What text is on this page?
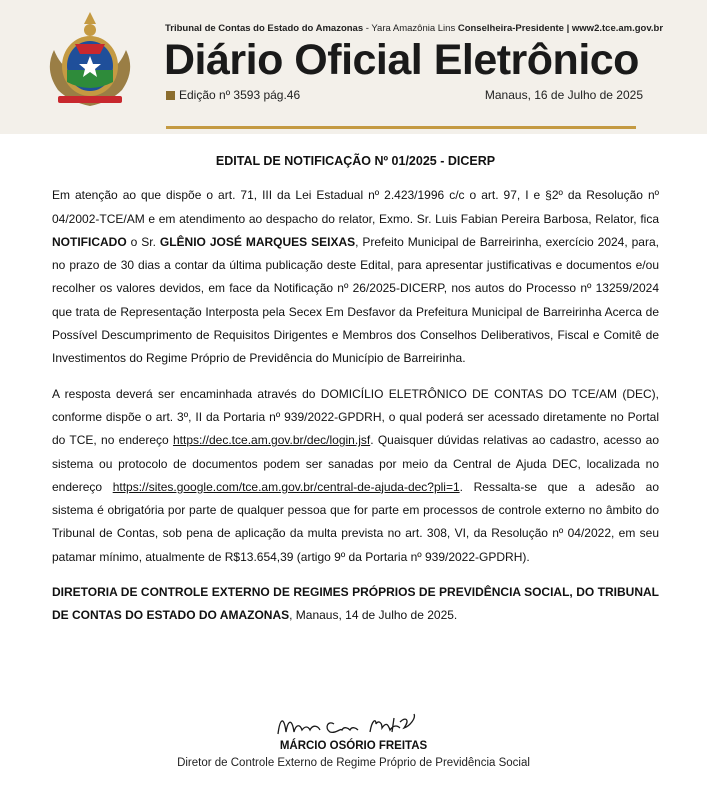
Tribunal de Contas do Estado do Amazonas - Yara Amazônia Lins Conselheira-Presidente | www2.tce.am.gov.br
Diário Oficial Eletrônico
Edição nº 3593 pág.46	Manaus, 16 de Julho de 2025

EDITAL DE NOTIFICAÇÃO Nº 01/2025 - DICERP

Em atenção ao que dispõe o art. 71, III da Lei Estadual nº 2.423/1996 c/c o art. 97, I e §2º da Resolução nº 04/2002-TCE/AM e em atendimento ao despacho do relator, Exmo. Sr. Luis Fabian Pereira Barbosa, Relator, fica NOTIFICADO o Sr. GLÊNIO JOSÉ MARQUES SEIXAS, Prefeito Municipal de Barreirinha, exercício 2024, para, no prazo de 30 dias a contar da última publicação deste Edital, para apresentar justificativas e documentos e/ou recolher os valores devidos, em face da Notificação nº 26/2025-DICERP, nos autos do Processo nº 13259/2024 que trata de Representação Interposta pela Secex Em Desfavor da Prefeitura Municipal de Barreirinha Acerca de Possível Descumprimento de Requisitos Dirigentes e Membros dos Conselhos Deliberativos, Fiscal e Comitê de Investimentos do Regime Próprio de Previdência do Município de Barreirinha.

A resposta deverá ser encaminhada através do DOMICÍLIO ELETRÔNICO DE CONTAS DO TCE/AM (DEC), conforme dispõe o art. 3º, II da Portaria nº 939/2022-GPDRH, o qual poderá ser acessado diretamente no Portal do TCE, no endereço https://dec.tce.am.gov.br/dec/login.jsf. Quaisquer dúvidas relativas ao cadastro, acesso ao sistema ou protocolo de documentos podem ser sanadas por meio da Central de Ajuda DEC, localizada no endereço https://sites.google.com/tce.am.gov.br/central-de-ajuda-dec?pli=1. Ressalta-se que a adesão ao sistema é obrigatória por parte de qualquer pessoa que for parte em processos de controle externo no âmbito do Tribunal de Contas, sob pena de aplicação da multa prevista no art. 308, VI, da Resolução nº 04/2022, em seu patamar mínimo, atualmente de R$13.654,39 (artigo 9º da Portaria nº 939/2022-GPDRH).

DIRETORIA DE CONTROLE EXTERNO DE REGIMES PRÓPRIOS DE PREVIDÊNCIA SOCIAL, DO TRIBUNAL DE CONTAS DO ESTADO DO AMAZONAS, Manaus, 14 de Julho de 2025.

MÁRCIO OSÓRIO FREITAS
Diretor de Controle Externo de Regime Próprio de Previdência Social
